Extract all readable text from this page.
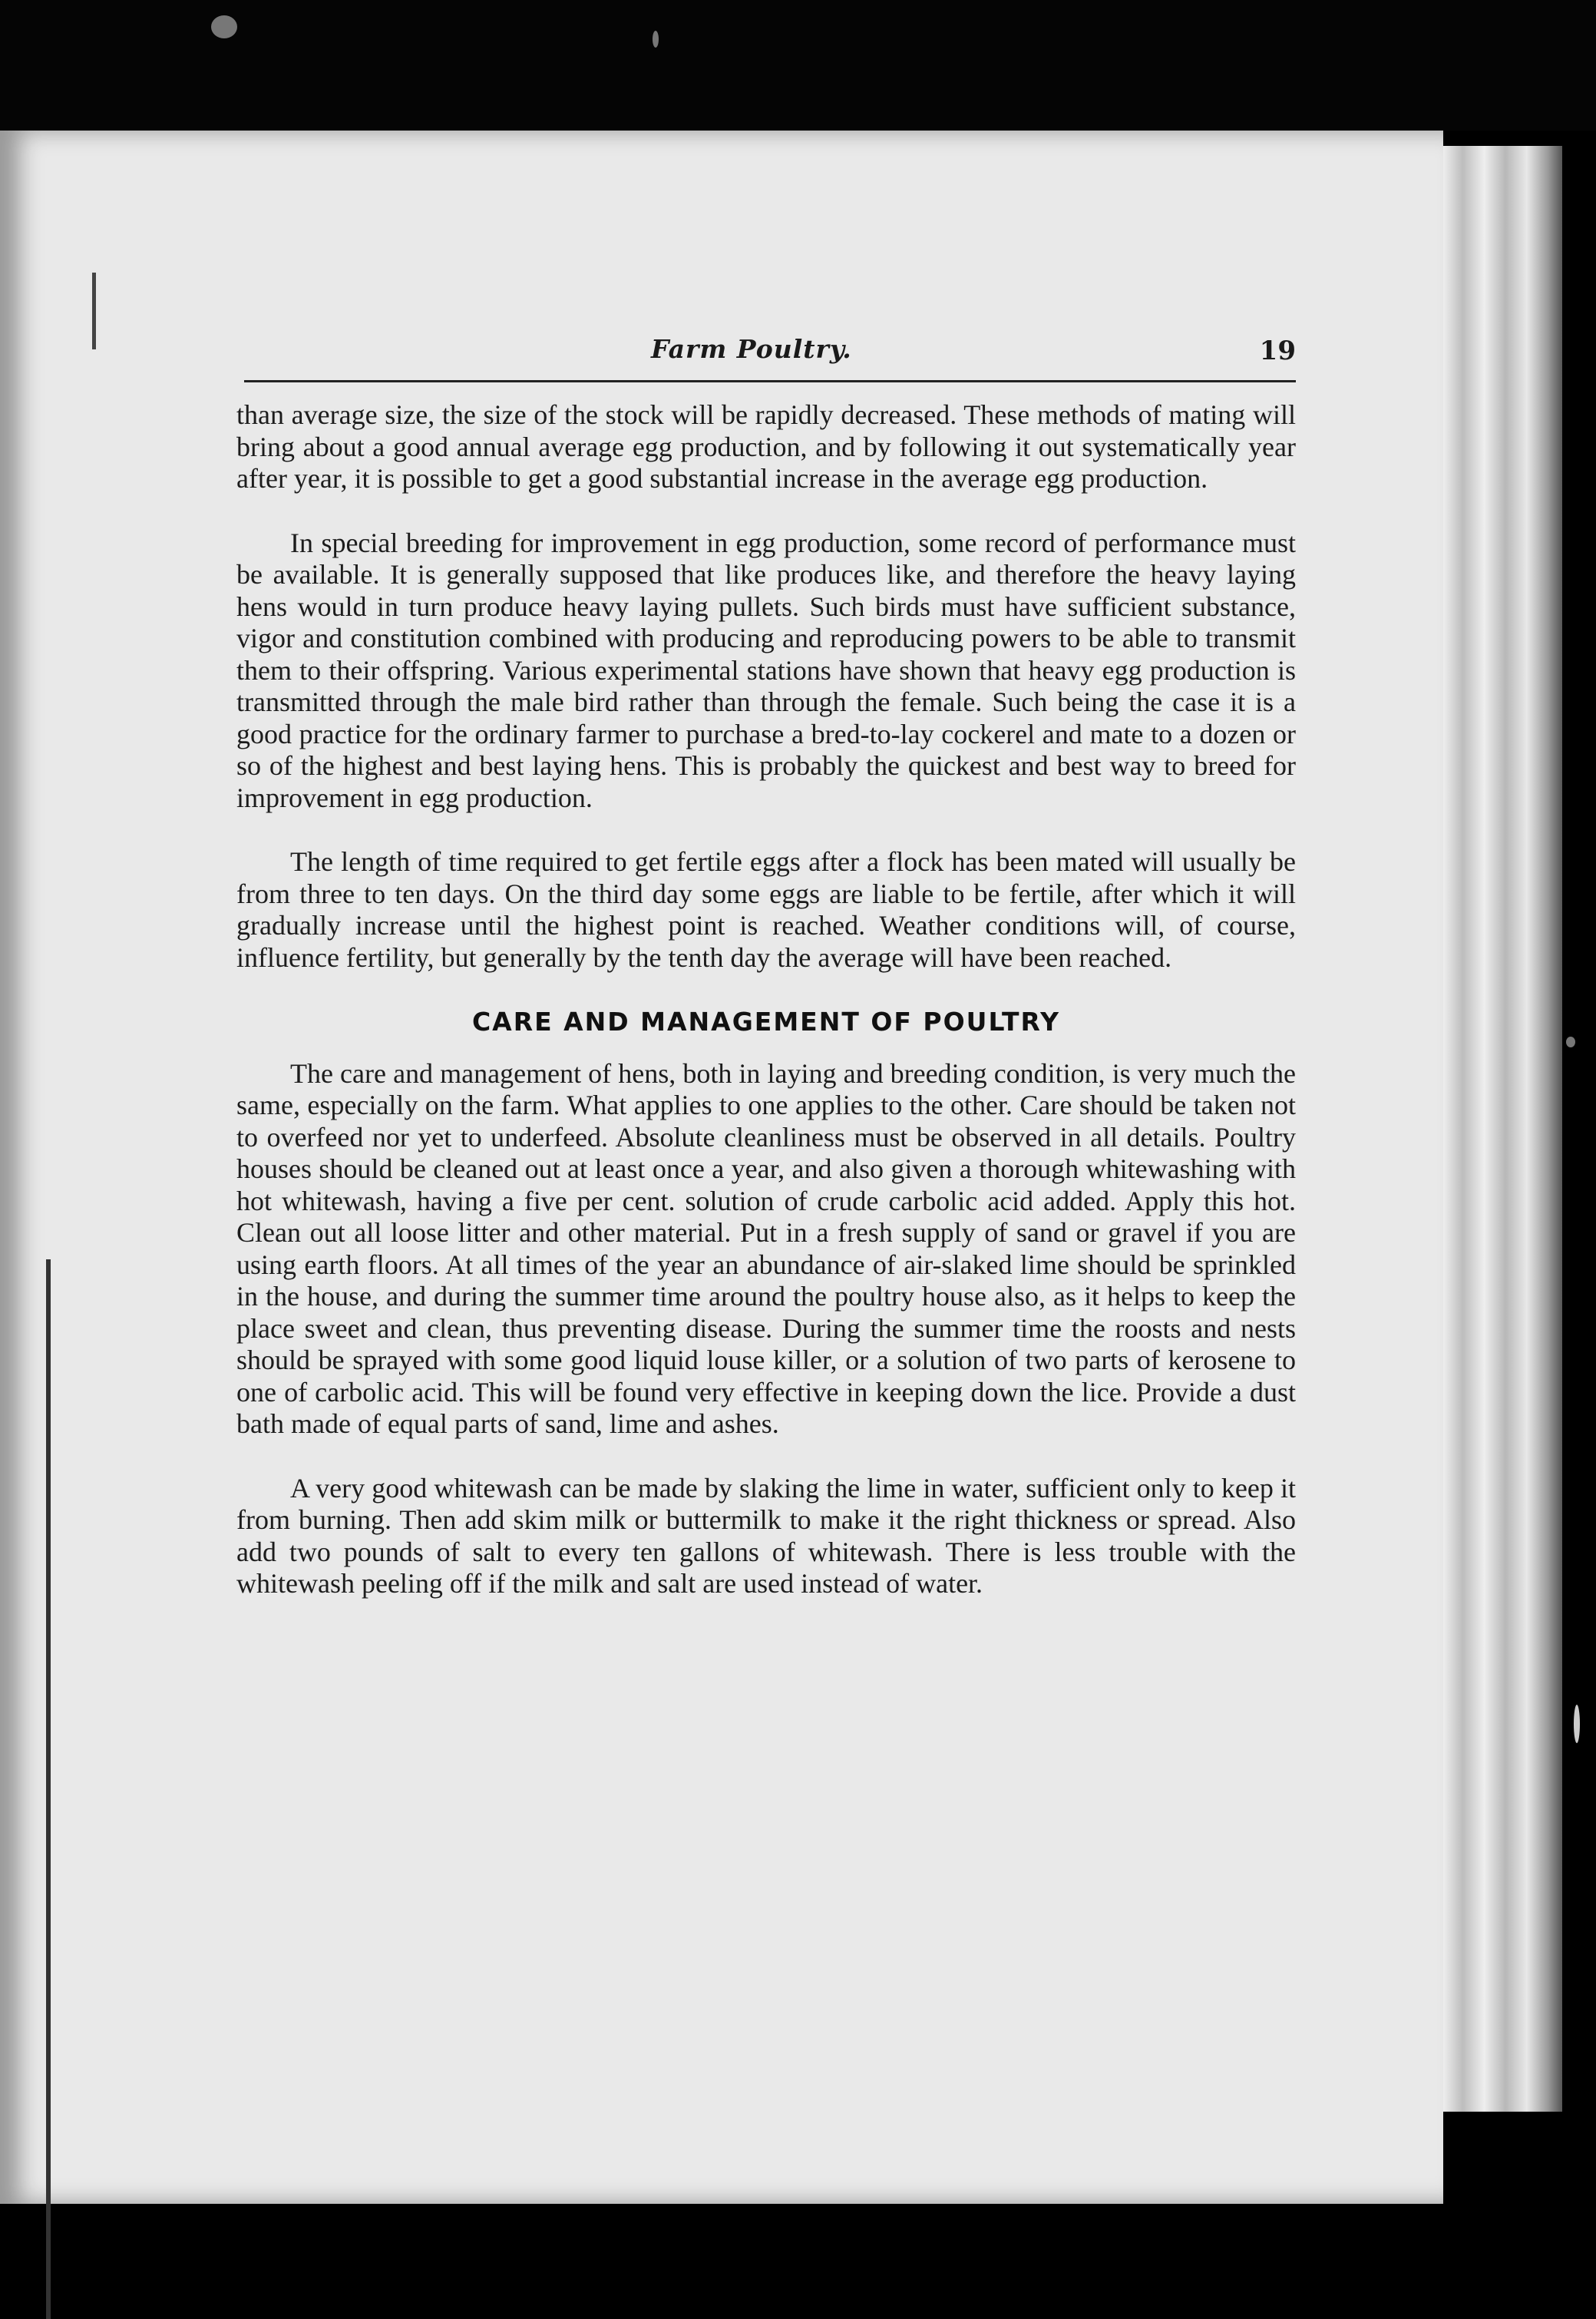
Farm Poultry.	19

than average size, the size of the stock will be rapidly decreased. These methods of mating will bring about a good annual average egg production, and by following it out systematically year after year, it is possible to get a good substantial increase in the average egg production.

In special breeding for improvement in egg production, some record of performance must be available. It is generally supposed that like produces like, and therefore the heavy laying hens would in turn produce heavy laying pullets. Such birds must have sufficient substance, vigor and constitution combined with producing and reproducing powers to be able to transmit them to their offspring. Various experimental stations have shown that heavy egg production is transmitted through the male bird rather than through the female. Such being the case it is a good practice for the ordinary farmer to purchase a bred-to-lay cockerel and mate to a dozen or so of the highest and best laying hens. This is probably the quickest and best way to breed for improvement in egg production.

The length of time required to get fertile eggs after a flock has been mated will usually be from three to ten days. On the third day some eggs are liable to be fertile, after which it will gradually increase until the highest point is reached. Weather conditions will, of course, influence fertility, but generally by the tenth day the average will have been reached.

CARE AND MANAGEMENT OF POULTRY

The care and management of hens, both in laying and breeding condition, is very much the same, especially on the farm. What applies to one applies to the other. Care should be taken not to overfeed nor yet to underfeed. Absolute cleanliness must be observed in all details. Poultry houses should be cleaned out at least once a year, and also given a thorough whitewashing with hot whitewash, having a five per cent. solution of crude carbolic acid added. Apply this hot. Clean out all loose litter and other material. Put in a fresh supply of sand or gravel if you are using earth floors. At all times of the year an abundance of air-slaked lime should be sprinkled in the house, and during the summer time around the poultry house also, as it helps to keep the place sweet and clean, thus preventing disease. During the summer time the roosts and nests should be sprayed with some good liquid louse killer, or a solution of two parts of kerosene to one of carbolic acid. This will be found very effective in keeping down the lice. Provide a dust bath made of equal parts of sand, lime and ashes.

A very good whitewash can be made by slaking the lime in water, sufficient only to keep it from burning. Then add skim milk or buttermilk to make it the right thickness or spread. Also add two pounds of salt to every ten gallons of whitewash. There is less trouble with the whitewash peeling off if the milk and salt are used instead of water.
